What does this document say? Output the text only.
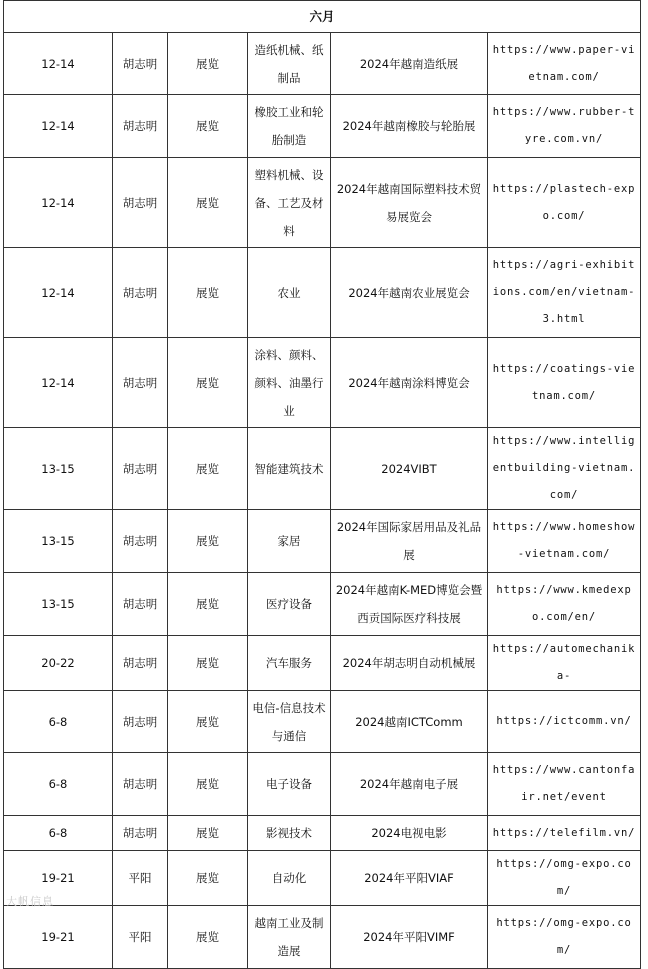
六月					
12-14	胡志明	展览	造纸机械、纸制品	2024年越南造纸展	https://www.paper-vietnam.com/
12-14	胡志明	展览	橡胶工业和轮胎制造	2024年越南橡胶与轮胎展	https://www.rubber-tyre.com.vn/
12-14	胡志明	展览	塑料机械、设备、工艺及材料	2024年越南国际塑料技术贸易展览会	https://plastech-expo.com/
12-14	胡志明	展览	农业	2024年越南农业展览会	https://agri-exhibitions.com/en/vietnam-3.html
12-14	胡志明	展览	涂料、颜料、颜料、油墨行业	2024年越南涂料博览会	https://coatings-vietnam.com/
13-15	胡志明	展览	智能建筑技术	2024VIBT	https://www.intelligentbuilding-vietnam.com/
13-15	胡志明	展览	家居	2024年国际家居用品及礼品展	https://www.homeshow-vietnam.com/
13-15	胡志明	展览	医疗设备	2024年越南K-MED博览会暨西贡国际医疗科技展	https://www.kmedexpo.com/en/
20-22	胡志明	展览	汽车服务	2024年胡志明自动机械展	https://automechanika-
6-8	胡志明	展览	电信-信息技术与通信	2024越南ICTComm	https://ictcomm.vn/
6-8	胡志明	展览	电子设备	2024年越南电子展	https://www.cantonfair.net/event
6-8	胡志明	展览	影视技术	2024电视电影	https://telefilm.vn/
19-21	平阳	展览	自动化	2024年平阳VIAF	https://omg-expo.com/
19-21	平阳	展览	越南工业及制造展	2024年平阳VIMF	https://omg-expo.com/
大帆信息
